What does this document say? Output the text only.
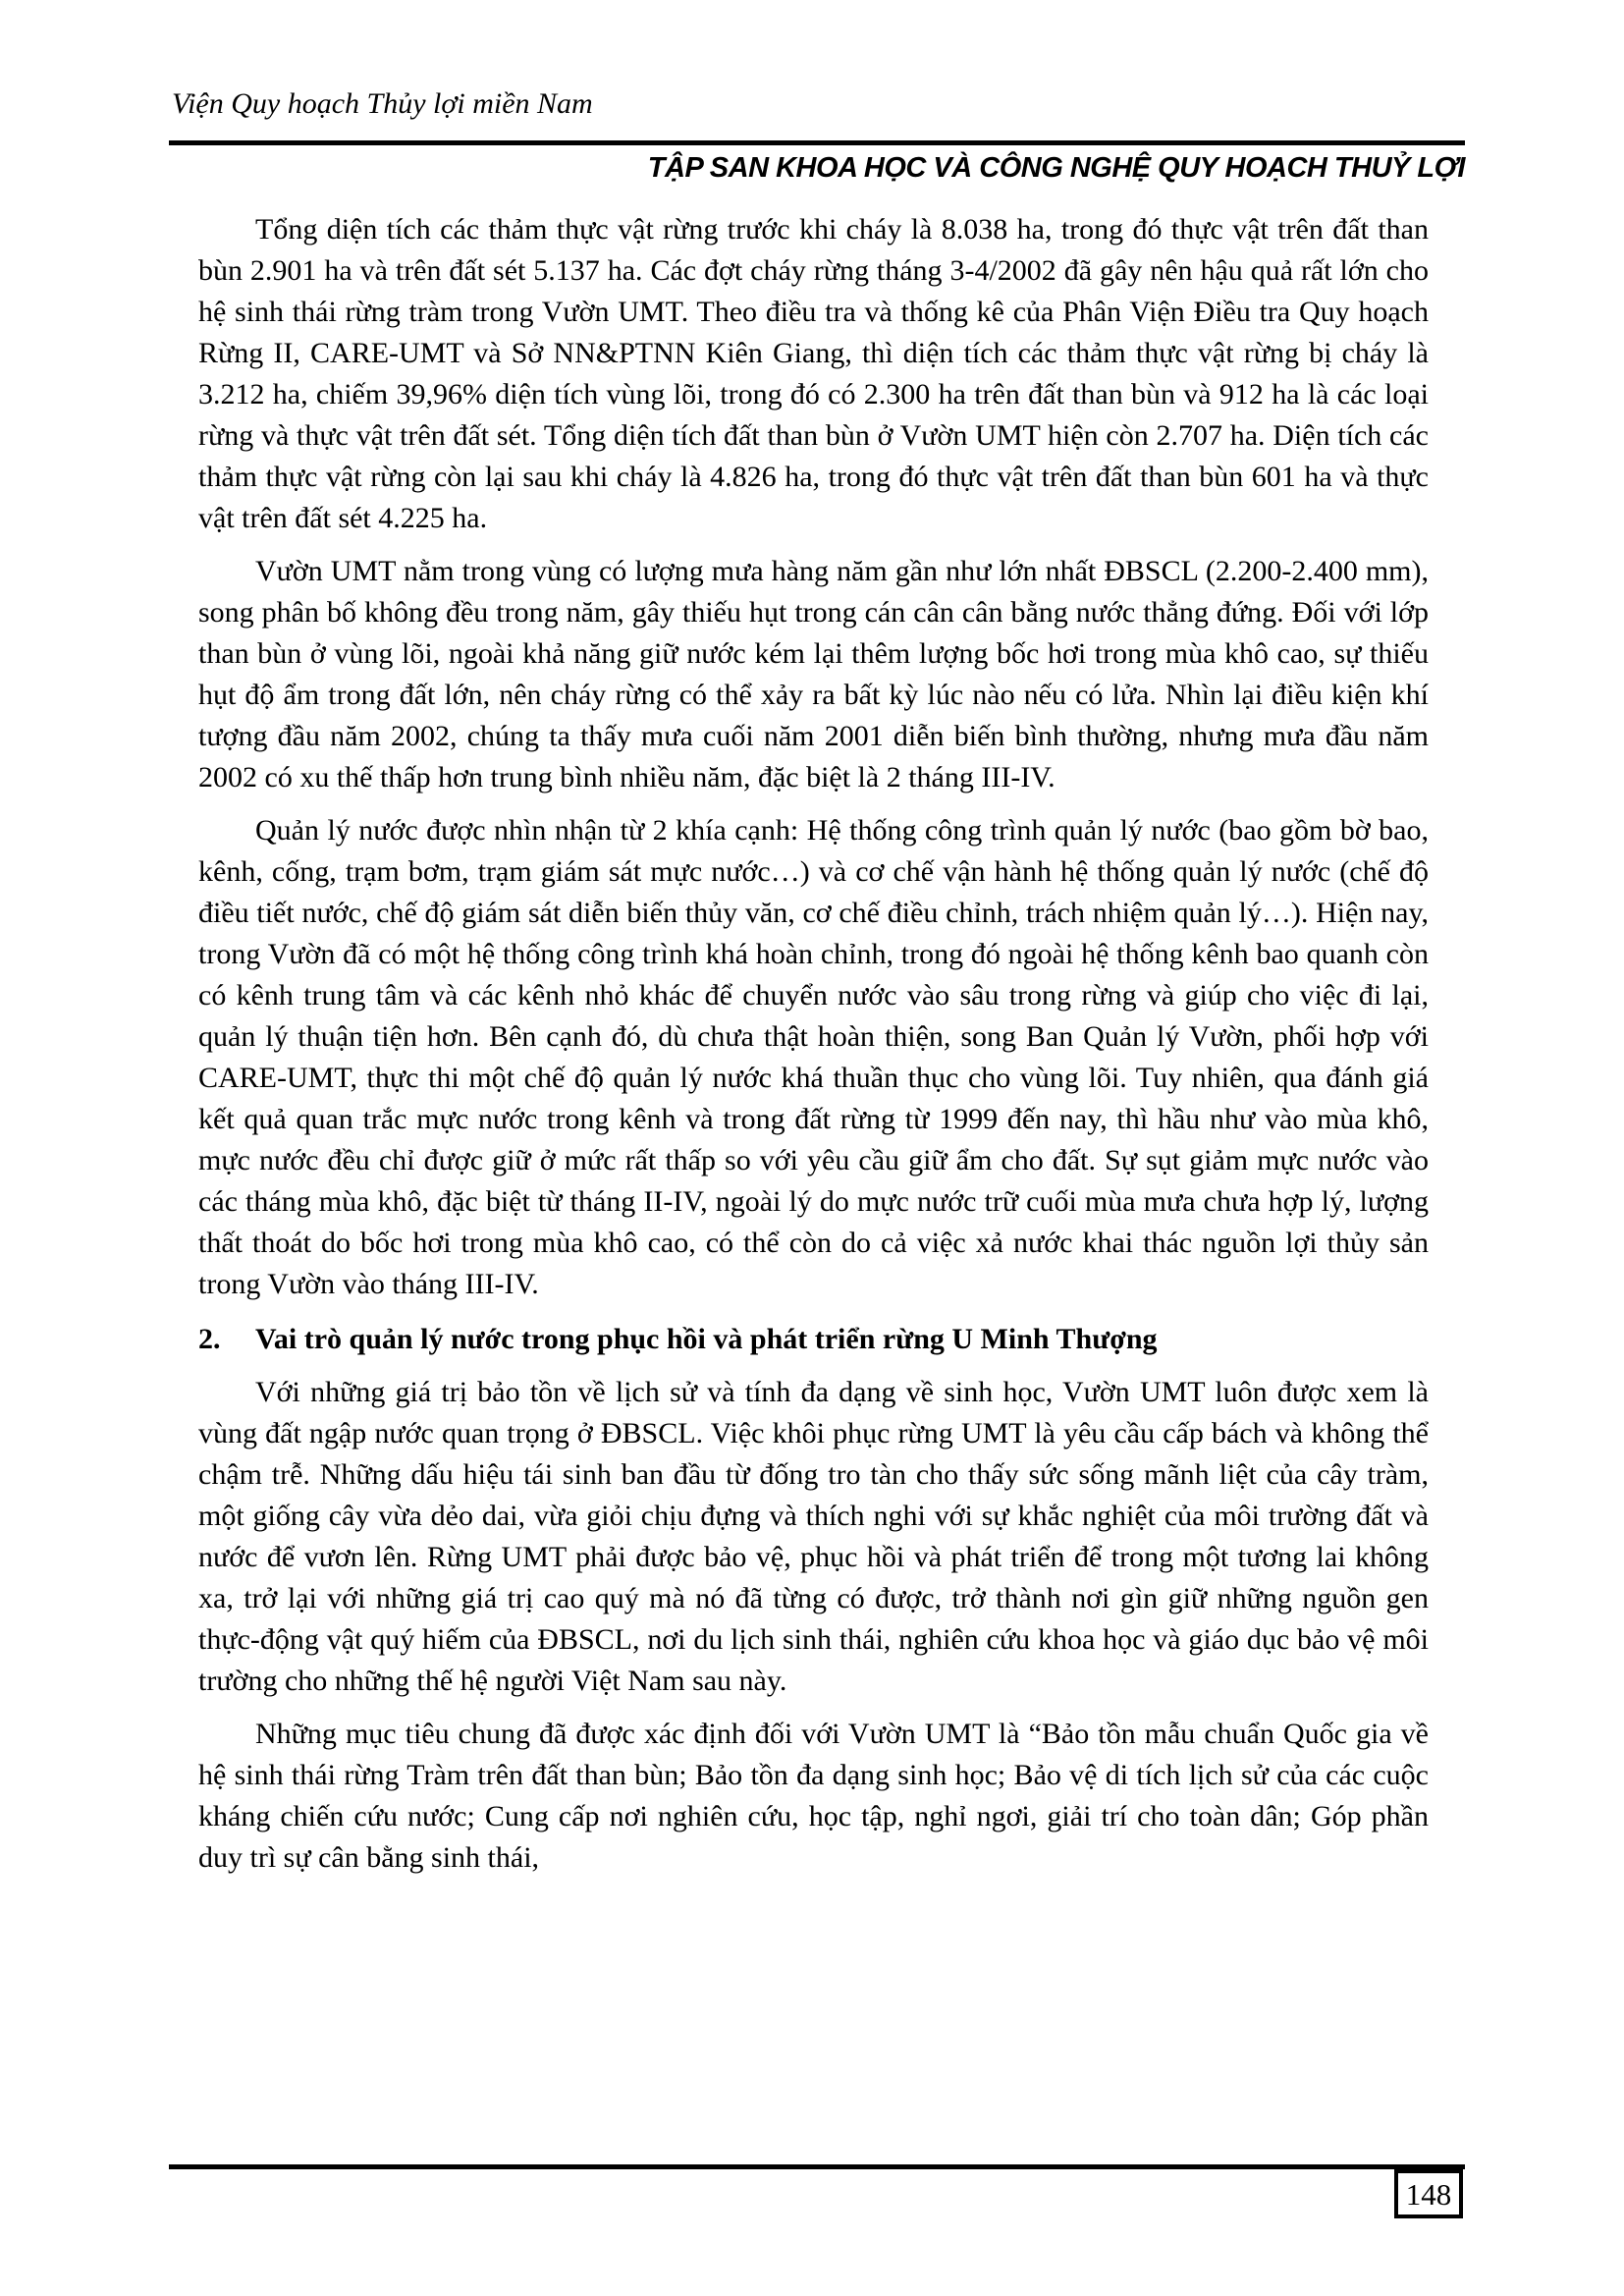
Viện Quy hoạch Thủy lợi miền Nam
TẬP SAN KHOA HỌC VÀ CÔNG NGHỆ QUY HOẠCH THUỶ LỢI

Tổng diện tích các thảm thực vật rừng trước khi cháy là 8.038 ha, trong đó thực vật trên đất than bùn 2.901 ha và trên đất sét 5.137 ha. Các đợt cháy rừng tháng 3-4/2002 đã gây nên hậu quả rất lớn cho hệ sinh thái rừng tràm trong Vườn UMT. Theo điều tra và thống kê của Phân Viện Điều tra Quy hoạch Rừng II, CARE-UMT và Sở NN&PTNN Kiên Giang, thì diện tích các thảm thực vật rừng bị cháy là 3.212 ha, chiếm 39,96% diện tích vùng lõi, trong đó có 2.300 ha trên đất than bùn và 912 ha là các loại rừng và thực vật trên đất sét. Tổng diện tích đất than bùn ở Vườn UMT hiện còn 2.707 ha. Diện tích các thảm thực vật rừng còn lại sau khi cháy là 4.826 ha, trong đó thực vật trên đất than bùn 601 ha và thực vật trên đất sét 4.225 ha.

Vườn UMT nằm trong vùng có lượng mưa hàng năm gần như lớn nhất ĐBSCL (2.200-2.400 mm), song phân bố không đều trong năm, gây thiếu hụt trong cán cân cân bằng nước thẳng đứng. Đối với lớp than bùn ở vùng lõi, ngoài khả năng giữ nước kém lại thêm lượng bốc hơi trong mùa khô cao, sự thiếu hụt độ ẩm trong đất lớn, nên cháy rừng có thể xảy ra bất kỳ lúc nào nếu có lửa. Nhìn lại điều kiện khí tượng đầu năm 2002, chúng ta thấy mưa cuối năm 2001 diễn biến bình thường, nhưng mưa đầu năm 2002 có xu thế thấp hơn trung bình nhiều năm, đặc biệt là 2 tháng III-IV.

Quản lý nước được nhìn nhận từ 2 khía cạnh: Hệ thống công trình quản lý nước (bao gồm bờ bao, kênh, cống, trạm bơm, trạm giám sát mực nước…) và cơ chế vận hành hệ thống quản lý nước (chế độ điều tiết nước, chế độ giám sát diễn biến thủy văn, cơ chế điều chỉnh, trách nhiệm quản lý…). Hiện nay, trong Vườn đã có một hệ thống công trình khá hoàn chỉnh, trong đó ngoài hệ thống kênh bao quanh còn có kênh trung tâm và các kênh nhỏ khác để chuyển nước vào sâu trong rừng và giúp cho việc đi lại, quản lý thuận tiện hơn. Bên cạnh đó, dù chưa thật hoàn thiện, song Ban Quản lý Vườn, phối hợp với CARE-UMT, thực thi một chế độ quản lý nước khá thuần thục cho vùng lõi. Tuy nhiên, qua đánh giá kết quả quan trắc mực nước trong kênh và trong đất rừng từ 1999 đến nay, thì hầu như vào mùa khô, mực nước đều chỉ được giữ ở mức rất thấp so với yêu cầu giữ ẩm cho đất. Sự sụt giảm mực nước vào các tháng mùa khô, đặc biệt từ tháng II-IV, ngoài lý do mực nước trữ cuối mùa mưa chưa hợp lý, lượng thất thoát do bốc hơi trong mùa khô cao, có thể còn do cả việc xả nước khai thác nguồn lợi thủy sản trong Vườn vào tháng III-IV.

2. Vai trò quản lý nước trong phục hồi và phát triển rừng U Minh Thượng

Với những giá trị bảo tồn về lịch sử và tính đa dạng về sinh học, Vườn UMT luôn được xem là vùng đất ngập nước quan trọng ở ĐBSCL. Việc khôi phục rừng UMT là yêu cầu cấp bách và không thể chậm trễ. Những dấu hiệu tái sinh ban đầu từ đống tro tàn cho thấy sức sống mãnh liệt của cây tràm, một giống cây vừa dẻo dai, vừa giỏi chịu đựng và thích nghi với sự khắc nghiệt của môi trường đất và nước để vươn lên. Rừng UMT phải được bảo vệ, phục hồi và phát triển để trong một tương lai không xa, trở lại với những giá trị cao quý mà nó đã từng có được, trở thành nơi gìn giữ những nguồn gen thực-động vật quý hiếm của ĐBSCL, nơi du lịch sinh thái, nghiên cứu khoa học và giáo dục bảo vệ môi trường cho những thế hệ người Việt Nam sau này.

Những mục tiêu chung đã được xác định đối với Vườn UMT là “Bảo tồn mẫu chuẩn Quốc gia về hệ sinh thái rừng Tràm trên đất than bùn; Bảo tồn đa dạng sinh học; Bảo vệ di tích lịch sử của các cuộc kháng chiến cứu nước; Cung cấp nơi nghiên cứu, học tập, nghỉ ngơi, giải trí cho toàn dân; Góp phần duy trì sự cân bằng sinh thái,

148
